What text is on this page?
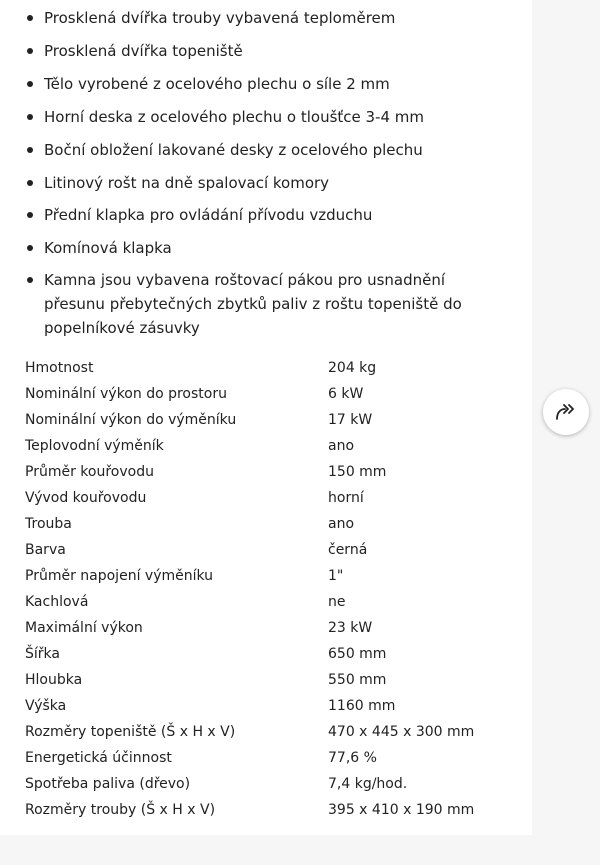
Prosklená dvířka trouby vybavená teploměrem
Prosklená dvířka topeniště
Tělo vyrobené z ocelového plechu o síle 2 mm
Horní deska z ocelového plechu o tloušťce 3-4 mm
Boční obložení lakované desky z ocelového plechu
Litinový rošt na dně spalovací komory
Přední klapka pro ovládání přívodu vzduchu
Komínová klapka
Kamna jsou vybavena roštovací pákou pro usnadnění přesunu přebytečných zbytků paliv z roštu topeniště do popelníkové zásuvky
Hmotnost	204 kg
Nominální výkon do prostoru	6 kW
Nominální výkon do výměníku	17 kW
Teplovodní výměník	ano
Průměr kouřovodu	150 mm
Vývod kouřovodu	horní
Trouba	ano
Barva	černá
Průměr napojení výměníku	1"
Kachlová	ne
Maximální výkon	23 kW
Šířka	650 mm
Hloubka	550 mm
Výška	1160 mm
Rozměry topeniště (Š x H x V)	470 x 445 x 300 mm
Energetická účinnost	77,6 %
Spotřeba paliva (dřevo)	7,4 kg/hod.
Rozměry trouby (Š x H x V)	395 x 410 x 190 mm
